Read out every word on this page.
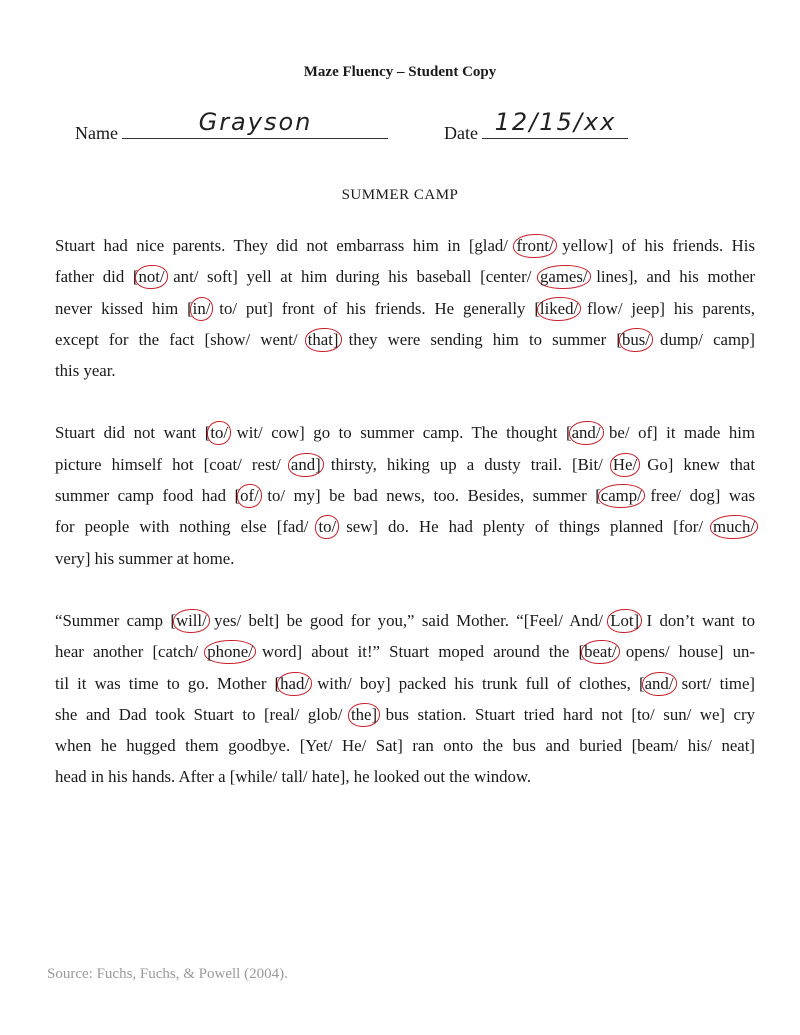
Maze Fluency – Student Copy
Name	Grayson	Date 12/15/xx
SUMMER CAMP

Stuart had nice parents. They did not embarrass him in [glad/ front/ yellow] of his friends. His
father did [not/ ant/ soft] yell at him during his baseball [center/ games/ lines], and his mother
never kissed him [in/ to/ put] front of his friends. He generally [liked/ flow/ jeep] his parents,
except for the fact [show/ went/ that] they were sending him to summer [bus/ dump/ camp]
this year.

Stuart did not want [to/ wit/ cow] go to summer camp. The thought [and/ be/ of] it made him
picture himself hot [coat/ rest/ and] thirsty, hiking up a dusty trail. [Bit/ He/ Go] knew that
summer camp food had [of/ to/ my] be bad news, too. Besides, summer [camp/ free/ dog] was
for people with nothing else [fad/ to/ sew] do. He had plenty of things planned [for/ much/
very] his summer at home.

“Summer camp [will/ yes/ belt] be good for you,” said Mother. “[Feel/ And/ Lot] I don’t want to
hear another [catch/ phone/ word] about it!” Stuart moped around the [beat/ opens/ house] un-
til it was time to go. Mother [had/ with/ boy] packed his trunk full of clothes, [and/ sort/ time]
she and Dad took Stuart to [real/ glob/ the] bus station. Stuart tried hard not [to/ sun/ we] cry
when he hugged them goodbye. [Yet/ He/ Sat] ran onto the bus and buried [beam/ his/ neat]
head in his hands. After a [while/ tall/ hate], he looked out the window.

Source: Fuchs, Fuchs, & Powell (2004).
